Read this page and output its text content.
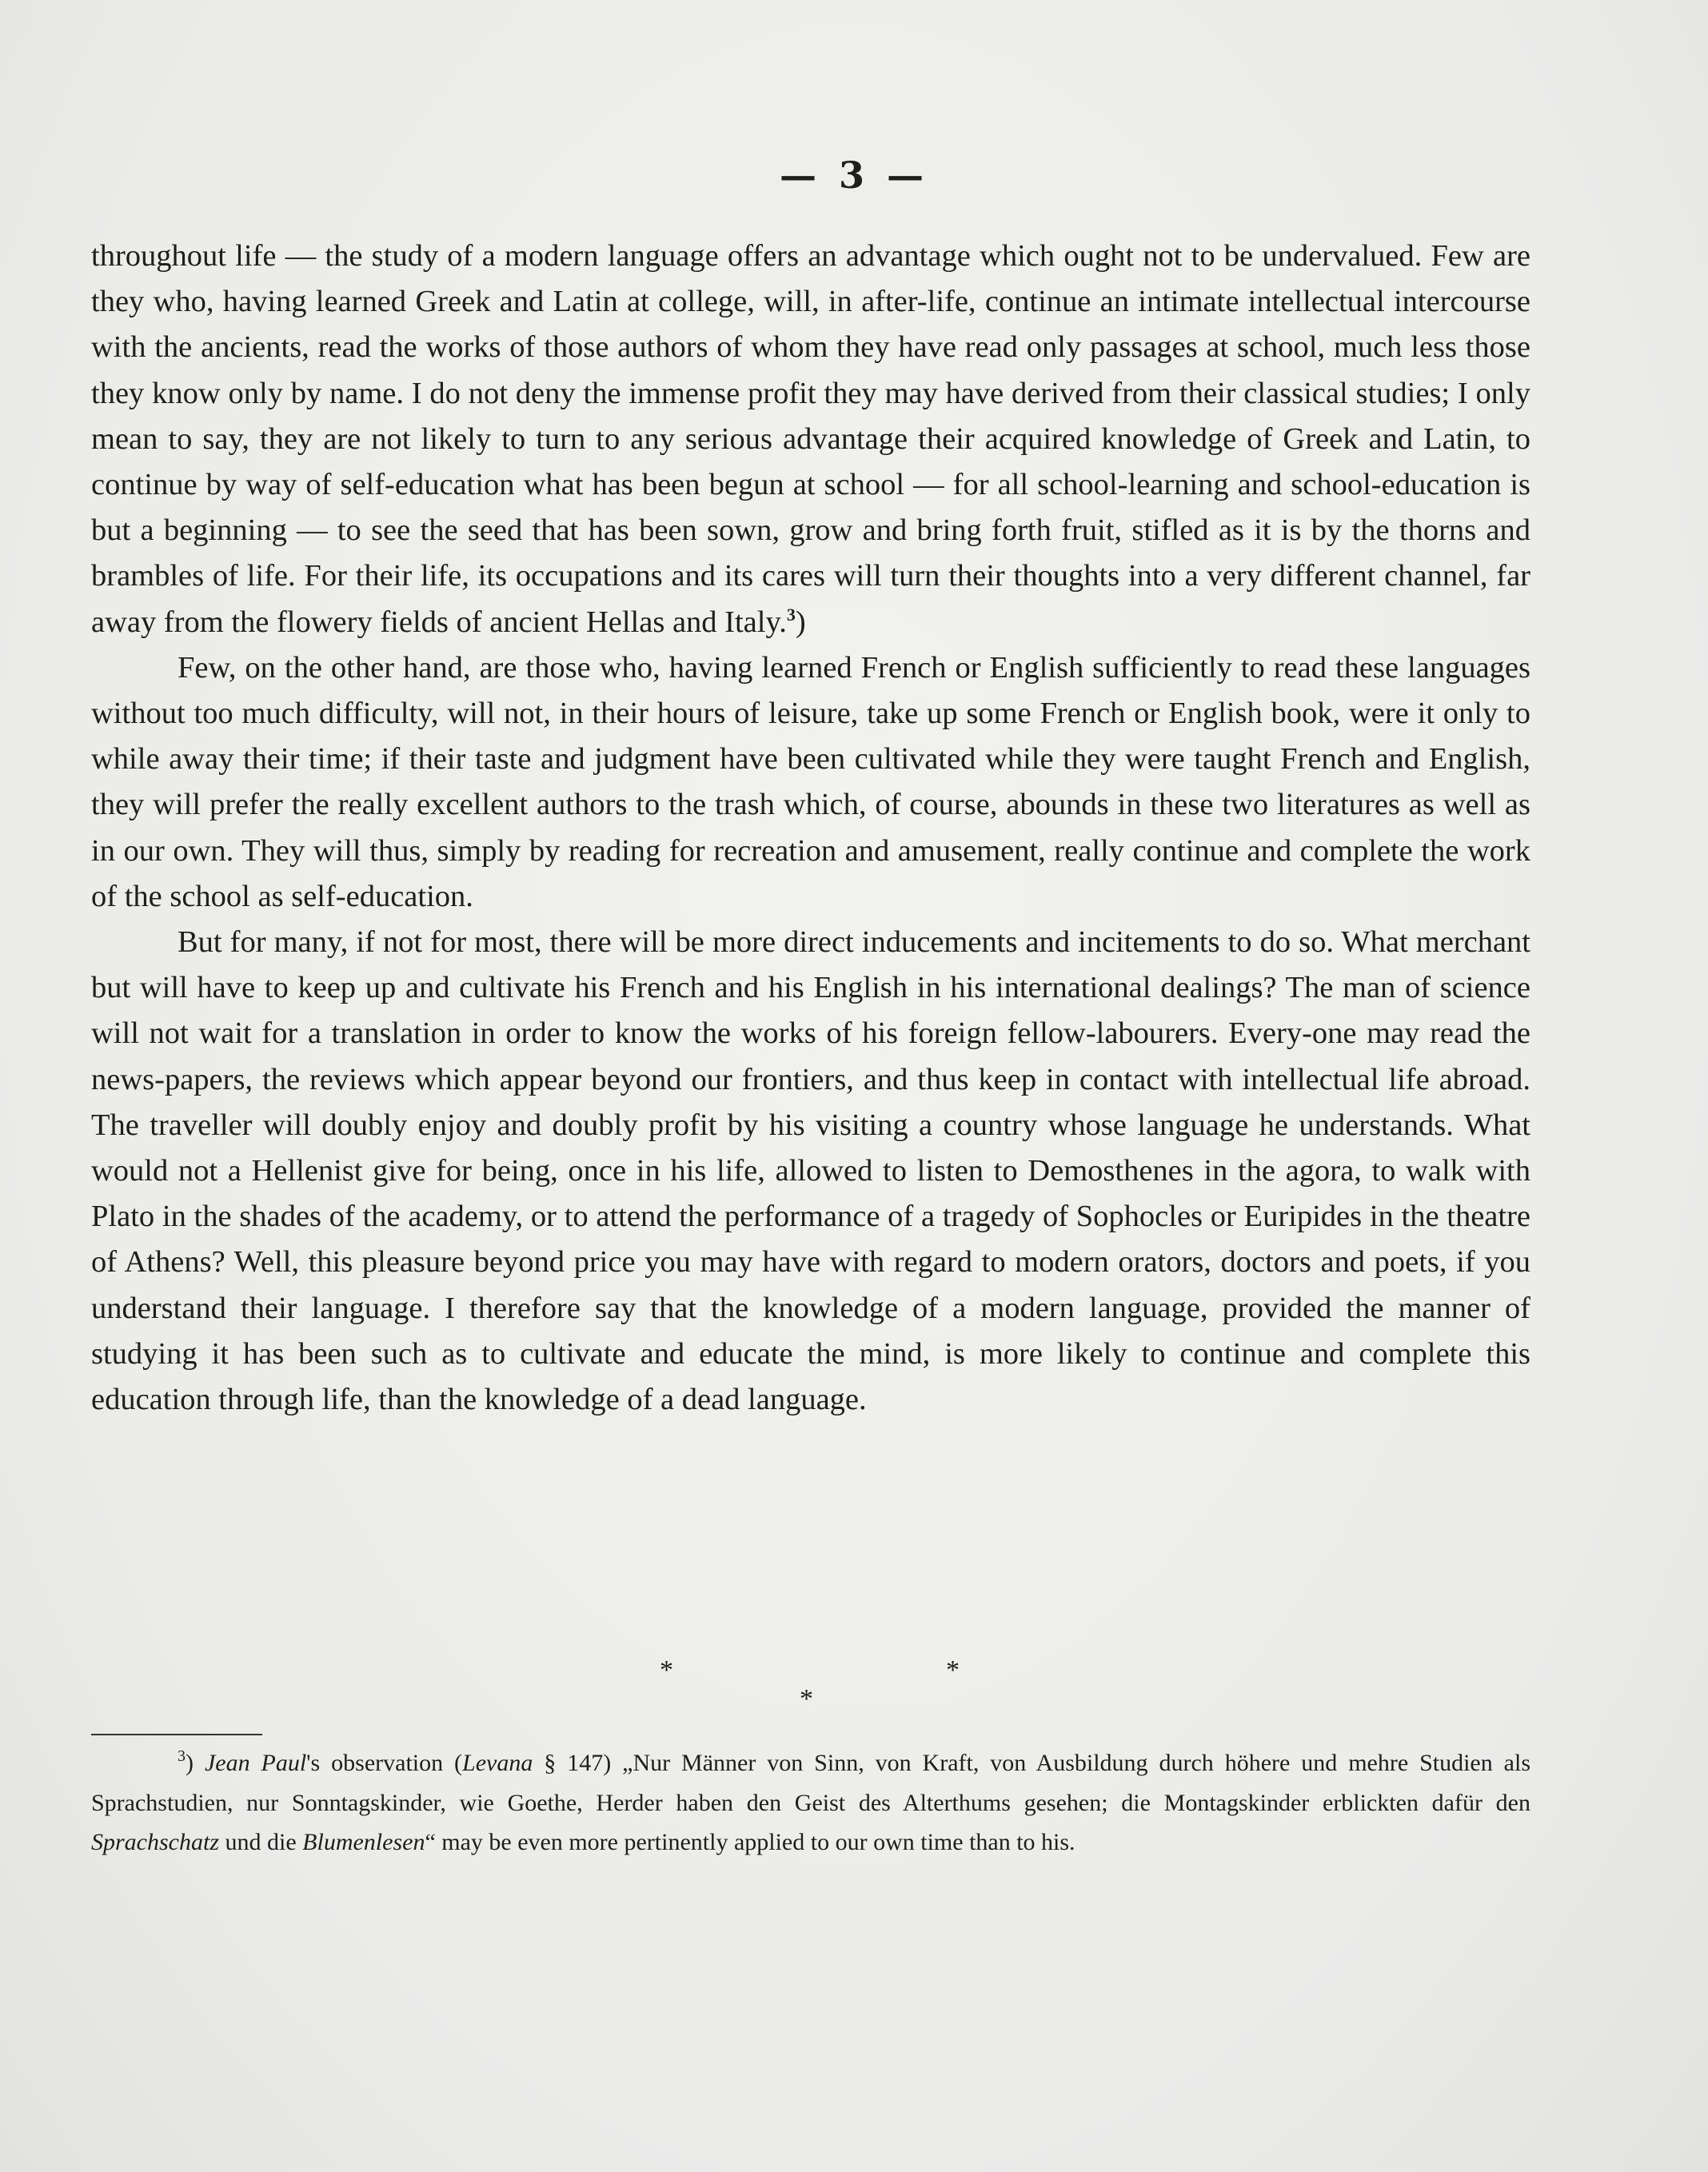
— 3 —

throughout life — the study of a modern language offers an advantage which ought not to be undervalued. Few are they who, having learned Greek and Latin at college, will, in after-life, continue an intimate intellectual intercourse with the ancients, read the works of those authors of whom they have read only passages at school, much less those they know only by name. I do not deny the immense profit they may have derived from their classical studies; I only mean to say, they are not likely to turn to any serious advantage their acquired knowledge of Greek and Latin, to continue by way of self-education what has been begun at school — for all school-learning and school-education is but a beginning — to see the seed that has been sown, grow and bring forth fruit, stifled as it is by the thorns and brambles of life. For their life, its occupations and its cares will turn their thoughts into a very different channel, far away from the flowery fields of ancient Hellas and Italy.$^3$)

Few, on the other hand, are those who, having learned French or English sufficiently to read these languages without too much difficulty, will not, in their hours of leisure, take up some French or English book, were it only to while away their time; if their taste and judgment have been cultivated while they were taught French and English, they will prefer the really excellent authors to the trash which, of course, abounds in these two literatures as well as in our own. They will thus, simply by reading for recreation and amusement, really continue and complete the work of the school as self-education.

But for many, if not for most, there will be more direct inducements and incitements to do so. What merchant but will have to keep up and cultivate his French and his English in his international dealings? The man of science will not wait for a translation in order to know the works of his foreign fellow-labourers. Every-one may read the news-papers, the reviews which appear beyond our frontiers, and thus keep in contact with intellectual life abroad. The traveller will doubly enjoy and doubly profit by his visiting a country whose language he understands. What would not a Hellenist give for being, once in his life, allowed to listen to Demosthenes in the agora, to walk with Plato in the shades of the academy, or to attend the performance of a tragedy of Sophocles or Euripides in the theatre of Athens? Well, this pleasure beyond price you may have with regard to modern orators, doctors and poets, if you understand their language. I therefore say that the knowledge of a modern language, provided the manner of studying it has been such as to cultivate and educate the mind, is more likely to continue and complete this education through life, than the knowledge of a dead language.

*
*
*

$^3$) Jean Paul's observation (Levana § 147) „Nur Männer von Sinn, von Kraft, von Ausbildung durch höhere und mehre Studien als Sprachstudien, nur Sonntagskinder, wie Goethe, Herder haben den Geist des Alterthums gesehen; die Montagskinder erblickten dafür den Sprachschatz und die Blumenlesen“ may be even more pertinently applied to our own time than to his.
